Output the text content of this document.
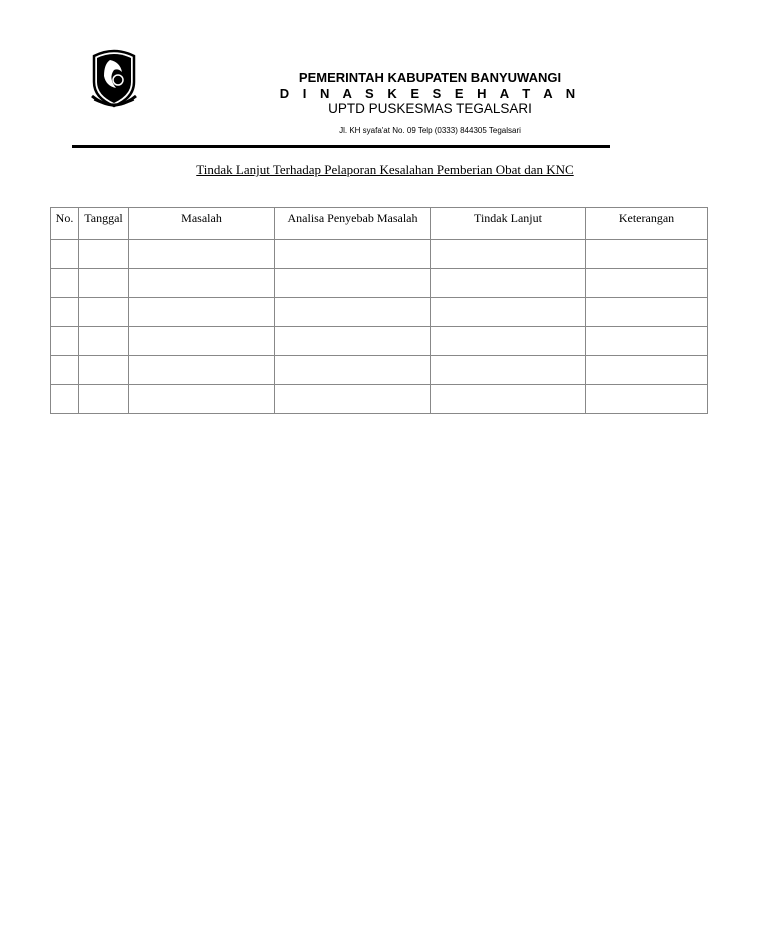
PEMERINTAH KABUPATEN BANYUWANGI
D I N A S K E S E H A T A N
UPTD PUSKESMAS TEGALSARI
Jl. KH syafa'at No. 09 Telp (0333) 844305 Tegalsari
Tindak Lanjut Terhadap Pelaporan Kesalahan Pemberian Obat dan KNC
No.	Tanggal	Masalah	Analisa Penyebab Masalah	Tindak Lanjut	Keterangan
